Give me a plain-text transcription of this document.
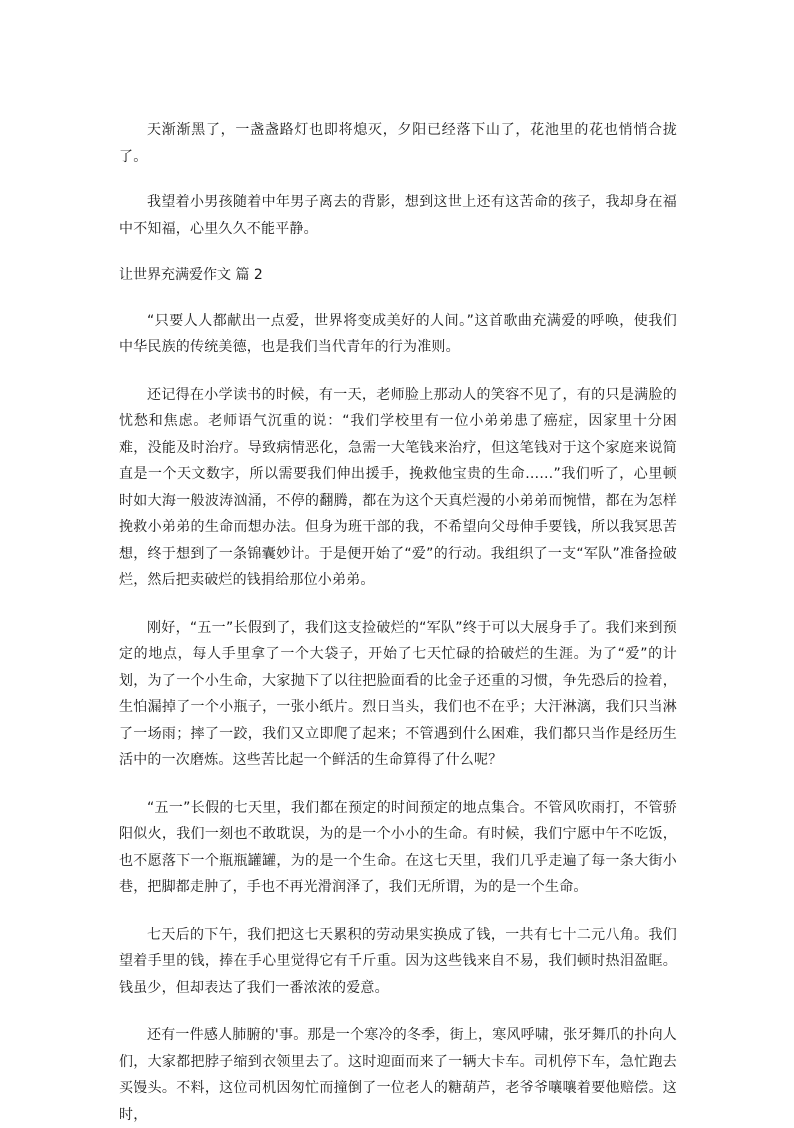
天渐渐黑了，一盏盏路灯也即将熄灭，夕阳已经落下山了，花池里的花也悄悄合拢了。

我望着小男孩随着中年男子离去的背影，想到这世上还有这苦命的孩子，我却身在福中不知福，心里久久不能平静。

让世界充满爱作文 篇 2

“只要人人都献出一点爱，世界将变成美好的人间。”这首歌曲充满爱的呼唤，使我们中华民族的传统美德，也是我们当代青年的行为准则。

还记得在小学读书的时候，有一天，老师脸上那动人的笑容不见了，有的只是满脸的忧愁和焦虑。老师语气沉重的说：“我们学校里有一位小弟弟患了癌症，因家里十分困难，没能及时治疗。导致病情恶化，急需一大笔钱来治疗，但这笔钱对于这个家庭来说简直是一个天文数字，所以需要我们伸出援手，挽救他宝贵的生命……”我们听了，心里顿时如大海一般波涛汹涌，不停的翻腾，都在为这个天真烂漫的小弟弟而惋惜，都在为怎样挽救小弟弟的生命而想办法。但身为班干部的我，不希望向父母伸手要钱，所以我冥思苦想，终于想到了一条锦囊妙计。于是便开始了“爱”的行动。我组织了一支“军队”准备捡破烂，然后把卖破烂的钱捐给那位小弟弟。

刚好，“五一”长假到了，我们这支捡破烂的“军队”终于可以大展身手了。我们来到预定的地点，每人手里拿了一个大袋子，开始了七天忙碌的拾破烂的生涯。为了“爱”的计划，为了一个小生命，大家抛下了以往把脸面看的比金子还重的习惯，争先恐后的捡着，生怕漏掉了一个小瓶子，一张小纸片。烈日当头，我们也不在乎；大汗淋漓，我们只当淋了一场雨；摔了一跤，我们又立即爬了起来；不管遇到什么困难，我们都只当作是经历生活中的一次磨炼。这些苦比起一个鲜活的生命算得了什么呢？

“五一”长假的七天里，我们都在预定的时间预定的地点集合。不管风吹雨打，不管骄阳似火，我们一刻也不敢耽误，为的是一个小小的生命。有时候，我们宁愿中午不吃饭，也不愿落下一个瓶瓶罐罐，为的是一个生命。在这七天里，我们几乎走遍了每一条大街小巷，把脚都走肿了，手也不再光滑润泽了，我们无所谓，为的是一个生命。

七天后的下午，我们把这七天累积的劳动果实换成了钱，一共有七十二元八角。我们望着手里的钱，捧在手心里觉得它有千斤重。因为这些钱来自不易，我们顿时热泪盈眶。钱虽少，但却表达了我们一番浓浓的爱意。

还有一件感人肺腑的'事。那是一个寒冷的冬季，街上，寒风呼啸，张牙舞爪的扑向人们，大家都把脖子缩到衣领里去了。这时迎面而来了一辆大卡车。司机停下车，急忙跑去买馒头。不料，这位司机因匆忙而撞倒了一位老人的糖葫芦，老爷爷嚷嚷着要他赔偿。这时，
